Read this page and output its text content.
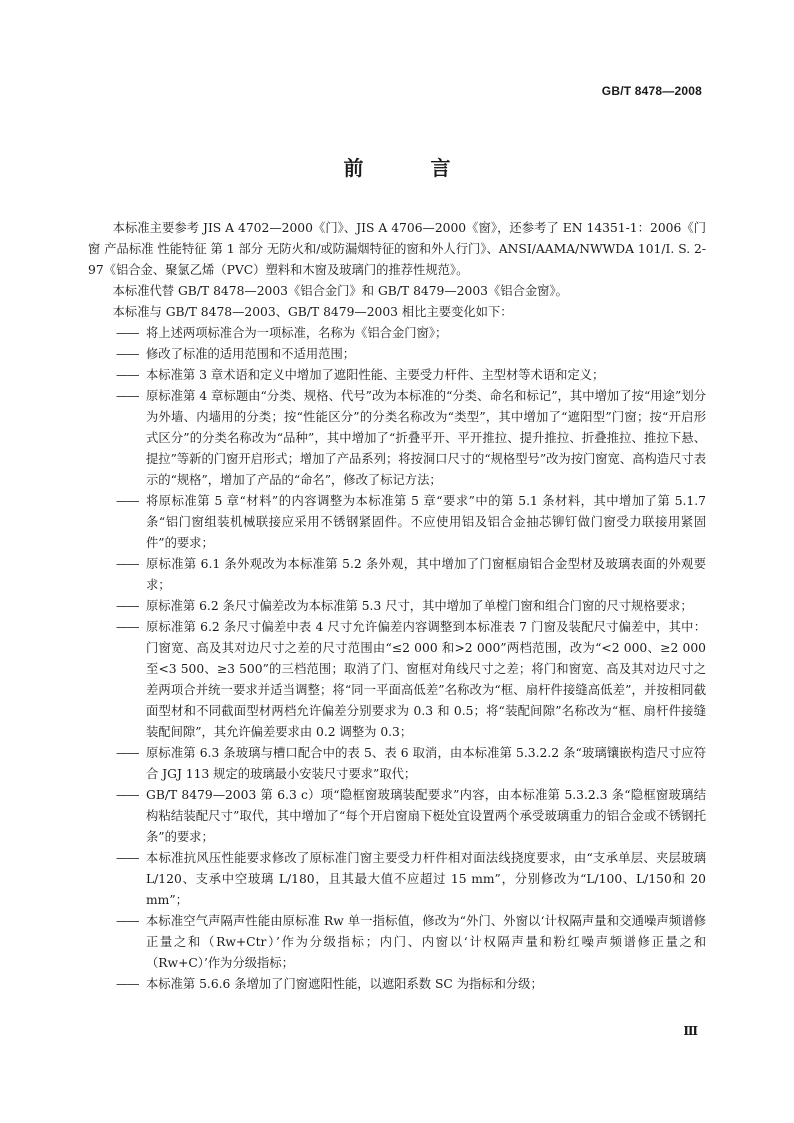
GB/T 8478—2008
前 言

本标准主要参考 JIS A 4702—2000《门》、JIS A 4706—2000《窗》，还参考了 EN 14351-1：2006《门窗 产品标准 性能特征 第 1 部分 无防火和/或防漏烟特征的窗和外人行门》、ANSI/AAMA/NWWDA 101/I. S. 2-97《铝合金、聚氯乙烯（PVC）塑料和木窗及玻璃门的推荐性规范》。

本标准代替 GB/T 8478—2003《铝合金门》和 GB/T 8479—2003《铝合金窗》。

本标准与 GB/T 8478—2003、GB/T 8479—2003 相比主要变化如下：

—— 将上述两项标准合为一项标准，名称为《铝合金门窗》；
—— 修改了标准的适用范围和不适用范围；
—— 本标准第 3 章术语和定义中增加了遮阳性能、主要受力杆件、主型材等术语和定义；
—— 原标准第 4 章标题由“分类、规格、代号”改为本标准的“分类、命名和标记”，其中增加了按“用途”划分为外墙、内墙用的分类；按“性能区分”的分类名称改为“类型”，其中增加了“遮阳型”门窗；按“开启形式区分”的分类名称改为“品种”，其中增加了“折叠平开、平开推拉、提升推拉、折叠推拉、推拉下悬、提拉”等新的门窗开启形式；增加了产品系列；将按洞口尺寸的“规格型号”改为按门窗宽、高构造尺寸表示的“规格”，增加了产品的“命名”，修改了标记方法；
—— 将原标准第 5 章“材料”的内容调整为本标准第 5 章“要求”中的第 5.1 条材料，其中增加了第 5.1.7 条“铝门窗组装机械联接应采用不锈钢紧固件。不应使用铝及铝合金抽芯铆钉做门窗受力联接用紧固件”的要求；
—— 原标准第 6.1 条外观改为本标准第 5.2 条外观，其中增加了门窗框扇铝合金型材及玻璃表面的外观要求；
—— 原标准第 6.2 条尺寸偏差改为本标准第 5.3 尺寸，其中增加了单樘门窗和组合门窗的尺寸规格要求；
—— 原标准第 6.2 条尺寸偏差中表 4 尺寸允许偏差内容调整到本标准表 7 门窗及装配尺寸偏差中，其中：门窗宽、高及其对边尺寸之差的尺寸范围由“≤2 000 和>2 000”两档范围，改为“<2 000、≥2 000 至<3 500、≥3 500”的三档范围；取消了门、窗框对角线尺寸之差；将门和窗宽、高及其对边尺寸之差两项合并统一要求并适当调整；将“同一平面高低差”名称改为“框、扇杆件接缝高低差”，并按相同截面型材和不同截面型材两档允许偏差分别要求为 0.3 和 0.5；将“装配间隙”名称改为“框、扇杆件接缝装配间隙”，其允许偏差要求由 0.2 调整为 0.3；
—— 原标准第 6.3 条玻璃与槽口配合中的表 5、表 6 取消，由本标准第 5.3.2.2 条“玻璃镶嵌构造尺寸应符合 JGJ 113 规定的玻璃最小安装尺寸要求”取代；
—— GB/T 8479—2003 第 6.3 c）项“隐框窗玻璃装配要求”内容，由本标准第 5.3.2.3 条“隐框窗玻璃结构粘结装配尺寸”取代，其中增加了“每个开启窗扇下梃处宜设置两个承受玻璃重力的铝合金或不锈钢托条”的要求；
—— 本标准抗风压性能要求修改了原标准门窗主要受力杆件相对面法线挠度要求，由“支承单层、夹层玻璃 L/120、支承中空玻璃 L/180，且其最大值不应超过 15 mm”，分别修改为“L/100、L/150和 20 mm”；
—— 本标准空气声隔声性能由原标准 Rw 单一指标值，修改为“外门、外窗以‘计权隔声量和交通噪声频谱修正量之和（Rw+Ctr）’作为分级指标；内门、内窗以‘计权隔声量和粉红噪声频谱修正量之和（Rw+C）’作为分级指标；
—— 本标准第 5.6.6 条增加了门窗遮阳性能，以遮阳系数 SC 为指标和分级；
Ⅲ
